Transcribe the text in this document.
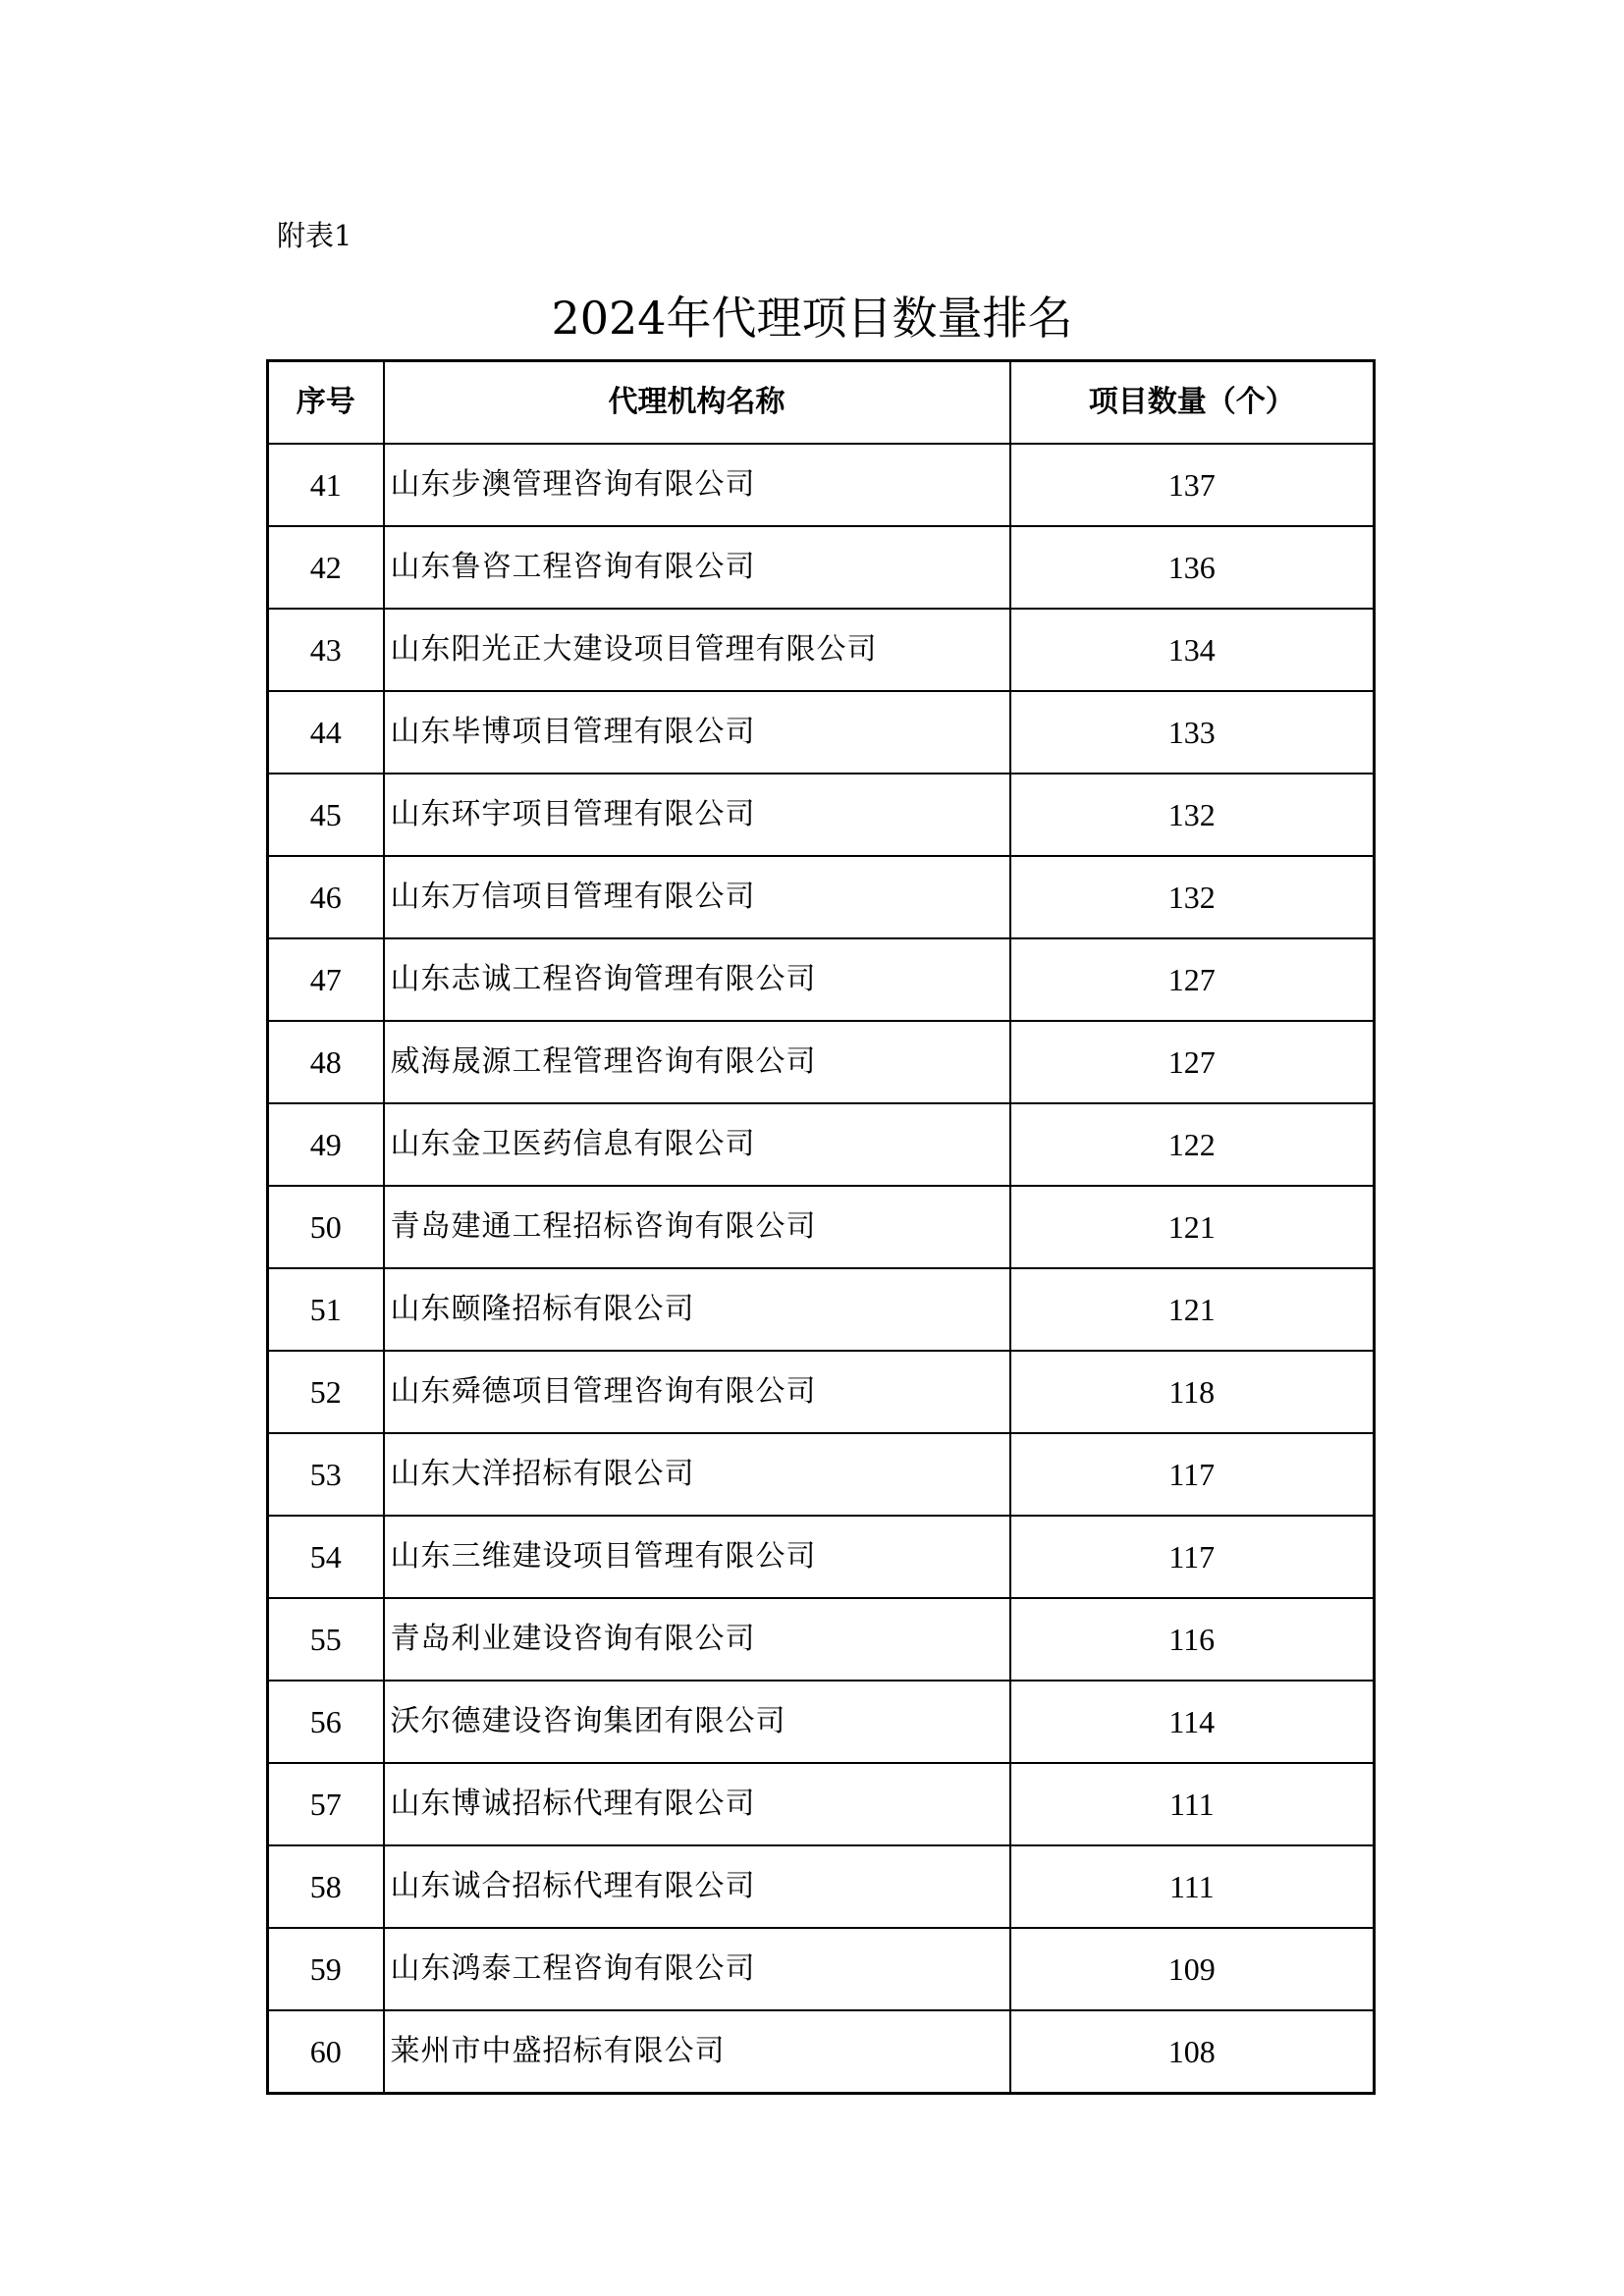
附表1
2024年代理项目数量排名
序号	代理机构名称	项目数量（个）
41	山东步澳管理咨询有限公司	137
42	山东鲁咨工程咨询有限公司	136
43	山东阳光正大建设项目管理有限公司	134
44	山东毕博项目管理有限公司	133
45	山东环宇项目管理有限公司	132
46	山东万信项目管理有限公司	132
47	山东志诚工程咨询管理有限公司	127
48	威海晟源工程管理咨询有限公司	127
49	山东金卫医药信息有限公司	122
50	青岛建通工程招标咨询有限公司	121
51	山东颐隆招标有限公司	121
52	山东舜德项目管理咨询有限公司	118
53	山东大洋招标有限公司	117
54	山东三维建设项目管理有限公司	117
55	青岛利业建设咨询有限公司	116
56	沃尔德建设咨询集团有限公司	114
57	山东博诚招标代理有限公司	111
58	山东诚合招标代理有限公司	111
59	山东鸿泰工程咨询有限公司	109
60	莱州市中盛招标有限公司	108
